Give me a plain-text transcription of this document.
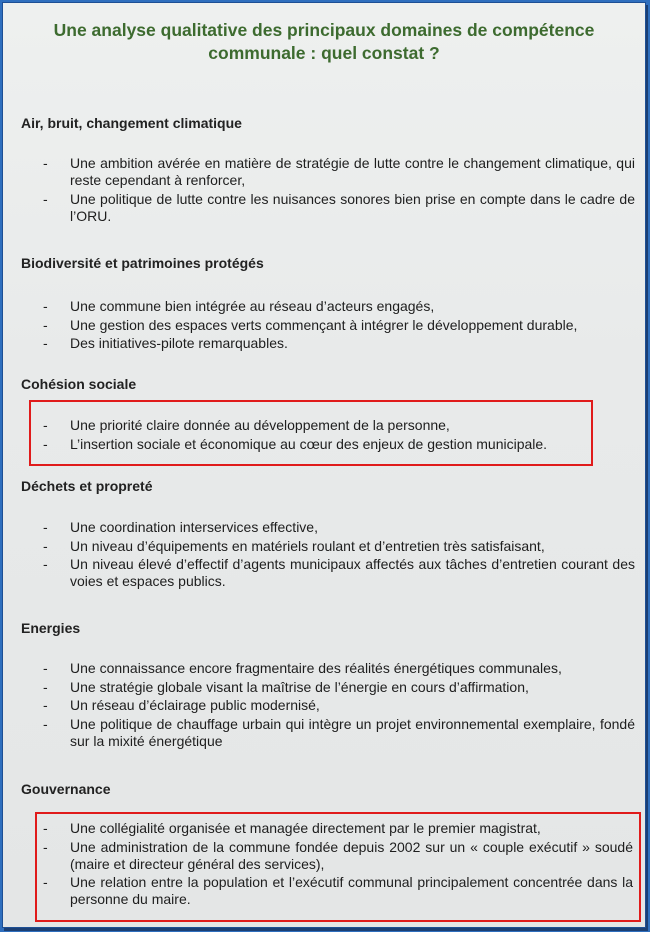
Une analyse qualitative des principaux domaines de compétence
communale : quel constat ?
Air, bruit, changement climatique
- Une ambition avérée en matière de stratégie de lutte contre le changement climatique, qui reste cependant à renforcer,
- Une politique de lutte contre les nuisances sonores bien prise en compte dans le cadre de l’ORU.
Biodiversité et patrimoines protégés
- Une commune bien intégrée au réseau d’acteurs engagés,
- Une gestion des espaces verts commençant à intégrer le développement durable,
- Des initiatives-pilote remarquables.
Cohésion sociale
- Une priorité claire donnée au développement de la personne,
- L’insertion sociale et économique au cœur des enjeux de gestion municipale.
Déchets et propreté
- Une coordination interservices effective,
- Un niveau d’équipements en matériels roulant et d’entretien très satisfaisant,
- Un niveau élevé d’effectif d’agents municipaux affectés aux tâches d’entretien courant des voies et espaces publics.
Energies
- Une connaissance encore fragmentaire des réalités énergétiques communales,
- Une stratégie globale visant la maîtrise de l’énergie en cours d’affirmation,
- Un réseau d’éclairage public modernisé,
- Une politique de chauffage urbain qui intègre un projet environnemental exemplaire, fondé sur la mixité énergétique
Gouvernance
- Une collégialité organisée et managée directement par le premier magistrat,
- Une administration de la commune fondée depuis 2002 sur un « couple exécutif » soudé (maire et directeur général des services),
- Une relation entre la population et l’exécutif communal principalement concentrée dans la personne du maire.
